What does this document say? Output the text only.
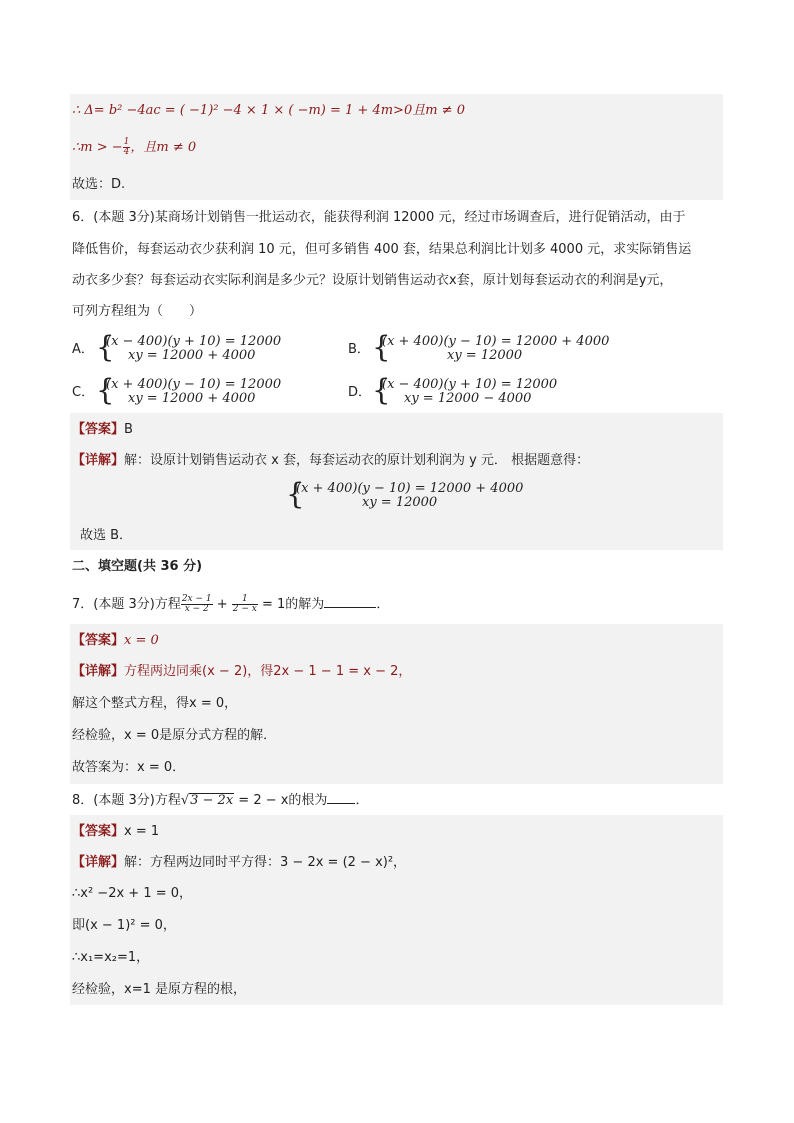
∴ Δ= b² −4ac = ( −1)² −4 × 1 × ( −m) = 1 + 4m>0且m ≠ 0
∴m > − $\frac{1}{4}$ ，且m ≠ 0
故选：D.
6．(本题 3分)某商场计划销售一批运动衣，能获得利润 12000 元，经过市场调查后，进行促销活动，由于
降低售价，每套运动衣少获利润 10 元，但可多销售 400 套，结果总利润比计划多 4000 元，求实际销售运
动衣多少套？每套运动衣实际利润是多少元？设原计划销售运动衣x套，原计划每套运动衣的利润是y元，
可列方程组为（　　）
A． {
(x − 400)(y + 10) = 12000
xy = 12000 + 4000	B． {
(x + 400)(y − 10) = 12000 + 4000
xy = 12000
C． {
(x + 400)(y − 10) = 12000
xy = 12000 + 4000	D． {
(x − 400)(y + 10) = 12000
xy = 12000 − 4000
【答案】B
【详解】解：设原计划销售运动衣 x 套，每套运动衣的原计划利润为 y 元． 根据题意得：
{
(x + 400)(y − 10) = 12000 + 4000
xy = 12000
故选 B．
二、填空题(共 36 分)
7．(本题 3分)方程 $\frac{2x - 1}{x - 2} + \frac{1}{2 - x} = 1$的解为	．
【答案】x = 0
【详解】方程两边同乘(x − 2)，得2x − 1 − 1 = x − 2，
解这个整式方程，得x = 0，
经检验，x = 0是原分式方程的解．
故答案为：x = 0．
8．(本题 3分)方程√3 − 2x = 2 − x的根为 ．
【答案】x = 1
【详解】解：方程两边同时平方得：3 − 2x = (2 − x)²，
∴x² −2x + 1 = 0，
即(x − 1)² = 0，
∴x₁=x₂=1，
经检验，x=1 是原方程的根，
